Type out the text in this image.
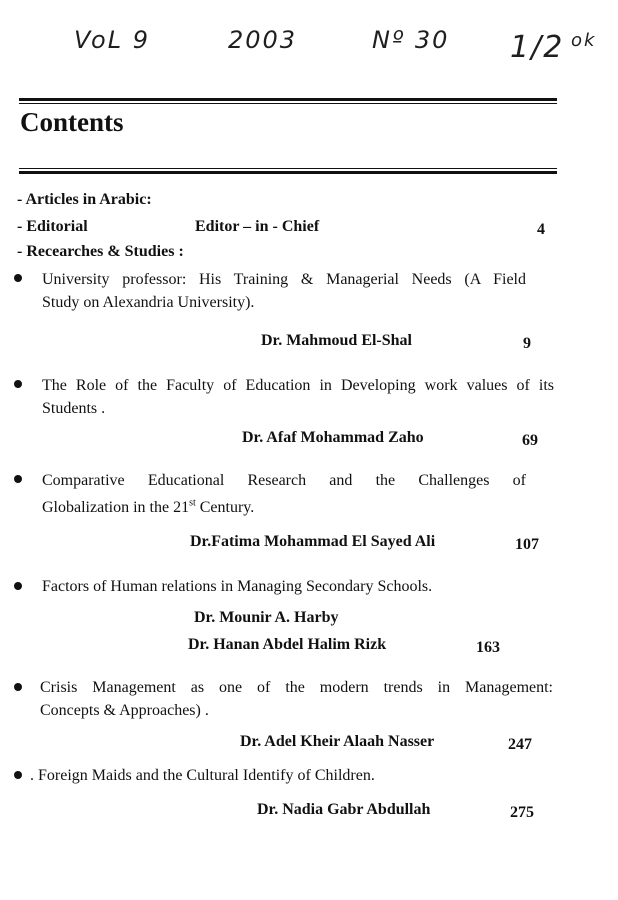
VoL 9	2003	Nº 30 1/2 ok
Contents
- Articles in Arabic:
- Editorial	Editor – in - Chief	4
- Recearches & Studies :
University professor: His Training & Managerial Needs (A Field
Study on Alexandria University).
Dr. Mahmoud El-Shal	9
The Role of the Faculty of Education in Developing work values of its
Students .
Dr. Afaf Mohammad Zaho	69
Comparative Educational Research and the Challenges of
Globalization in the 21st Century.
Dr.Fatima Mohammad El Sayed Ali	107
Factors of Human relations in Managing Secondary Schools.
Dr. Mounir A. Harby
Dr. Hanan Abdel Halim Rizk	163
Crisis Management as one of the modern trends in Management:
Concepts & Approaches) .
Dr. Adel Kheir Alaah Nasser	247
. Foreign Maids and the Cultural Identify of Children.
Dr. Nadia Gabr Abdullah	275
